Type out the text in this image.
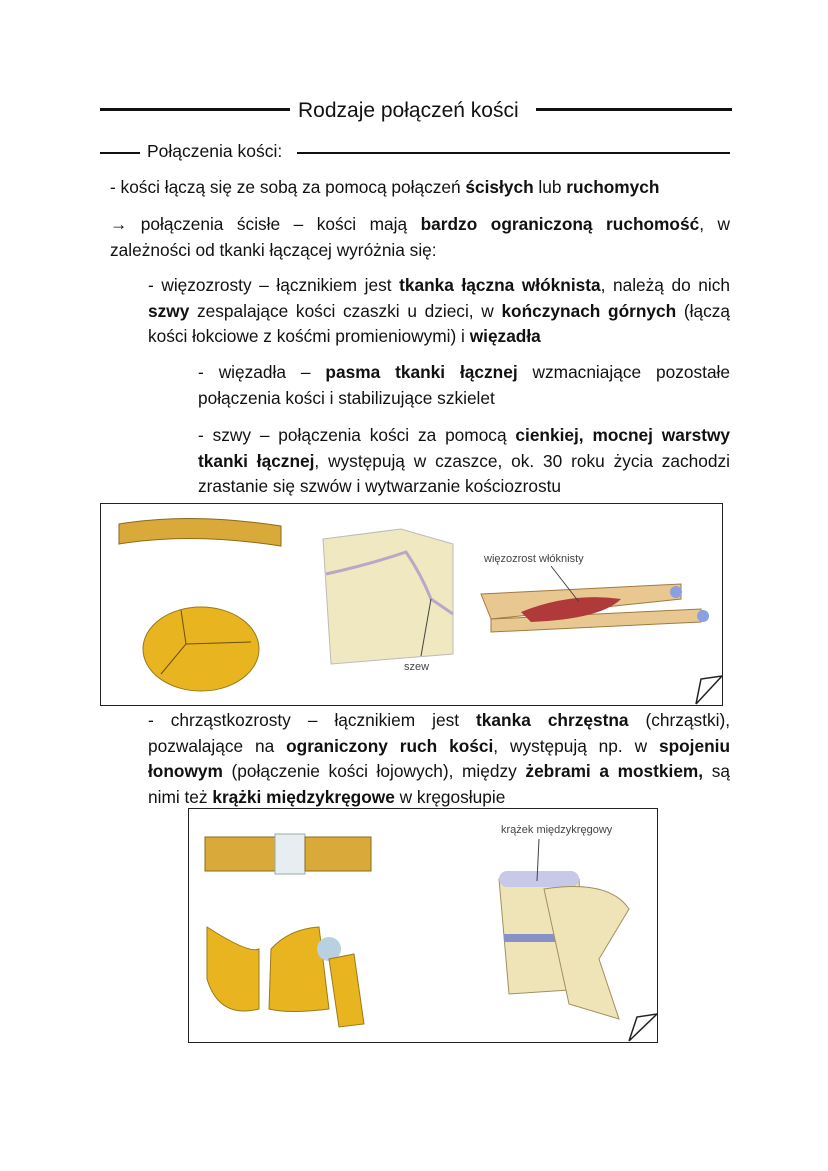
Rodzaje połączeń kości
Połączenia kości:
- kości łączą się ze sobą za pomocą połączeń ścisłych lub ruchomych
→ połączenia ścisłe – kości mają bardzo ograniczoną ruchomość, w zależności od tkanki łączącej wyróżnia się:
- więzozrosty – łącznikiem jest tkanka łączna włóknista, należą do nich szwy zespalające kości czaszki u dzieci, w kończynach górnych (łączą kości łokciowe z kośćmi promieniowymi) i więzadła
- więzadła – pasma tkanki łącznej wzmacniające pozostałe połączenia kości i stabilizujące szkielet
- szwy – połączenia kości za pomocą cienkiej, mocnej warstwy tkanki łącznej, występują w czaszce, ok. 30 roku życia zachodzi zrastanie się szwów i wytwarzanie kościozrostu
więzozrost włóknisty
szew
- chrząstkozrosty – łącznikiem jest tkanka chrzęstna (chrząstki), pozwalające na ograniczony ruch kości, występują np. w spojeniu łonowym (połączenie kości łojowych), między żebrami a mostkiem, są nimi też krążki międzykręgowe w kręgosłupie
krążek międzykręgowy
